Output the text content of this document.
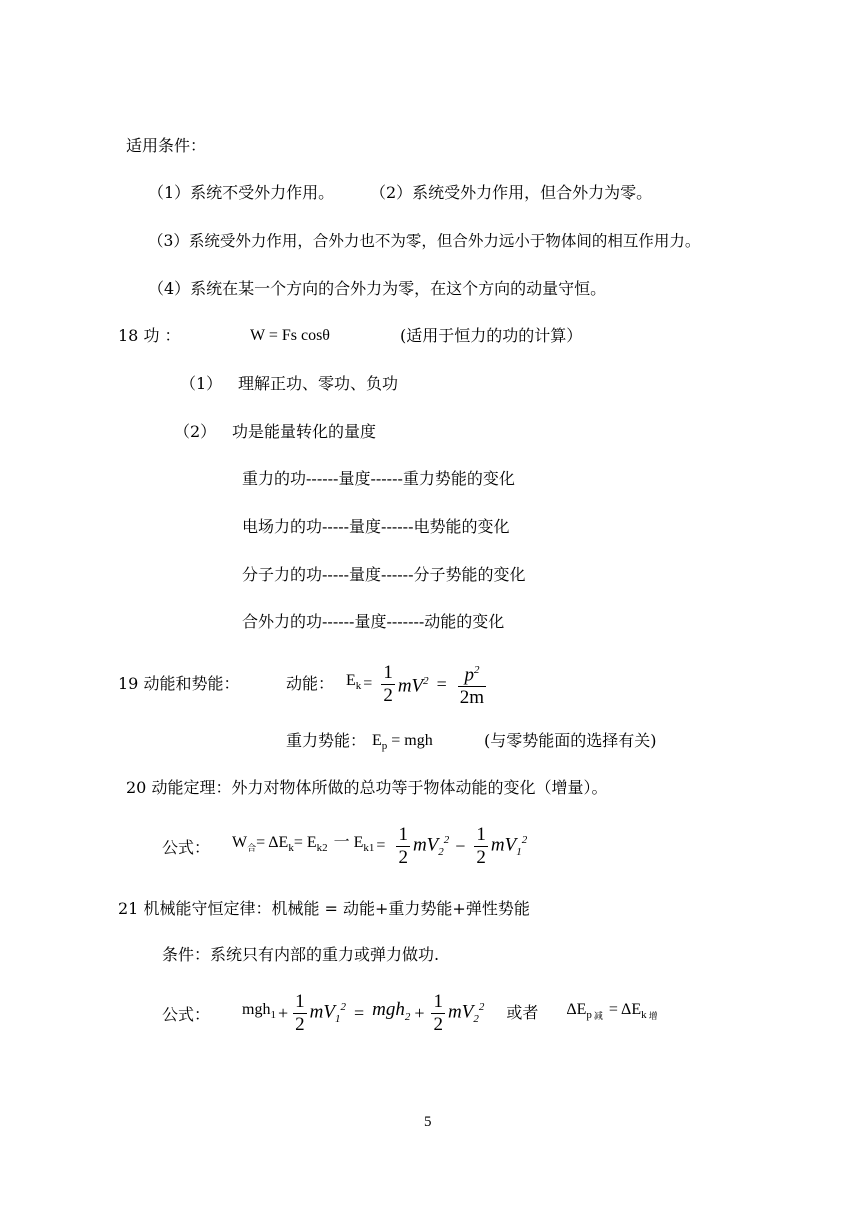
适用条件：
（1）系统不受外力作用。 （2）系统受外力作用，但合外力为零。
（3）系统受外力作用，合外力也不为零，但合外力远小于物体间的相互作用力。
（4）系统在某一个方向的合外力为零，在这个方向的动量守恒。
18 功 ：	W = Fs cosθ	(适用于恒力的功的计算）
（1） 理解正功、零功、负功
（2） 功是能量转化的量度
重力的功------量度------重力势能的变化
电场力的功-----量度------电势能的变化
分子力的功-----量度------分子势能的变化
合外力的功------量度-------动能的变化
19 动能和势能：	动能： $E_k = \frac{1}{2} mV^2 = \frac{p^2}{2m}$
重力势能： $E_p$ = mgh	(与零势能面的选择有关)
20 动能定理：外力对物体所做的总功等于物体动能的变化（增量）。
公式： $W_合 = \Delta E_k = E_{k2}$ 一 $E_{k1} = \frac{1}{2} mV_2^2 - \frac{1}{2} mV_1^2$
21 机械能守恒定律：机械能 = 动能+重力势能+弹性势能
条件：系统只有内部的重力或弹力做功.
公式： $mgh_1 + \frac{1}{2} mV_1^2 = mgh_2 + \frac{1}{2} mV_2^2$ 或者 $\Delta E_p$ $_减 = \Delta E_k$ $_增$
5
